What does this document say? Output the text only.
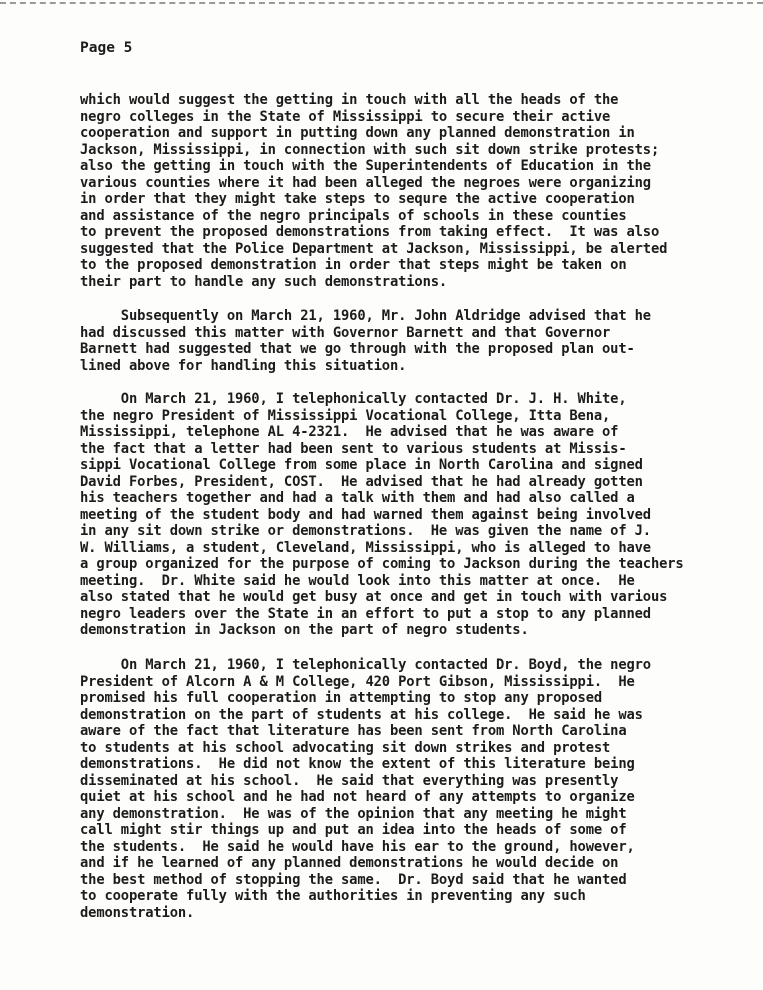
Page 5
which would suggest the getting in touch with all the heads of the
negro colleges in the State of Mississippi to secure their active
cooperation and support in putting down any planned demonstration in
Jackson, Mississippi, in connection with such sit down strike protests;
also the getting in touch with the Superintendents of Education in the
various counties where it had been alleged the negroes were organizing
in order that they might take steps to sequre the active cooperation
and assistance of the negro principals of schools in these counties
to prevent the proposed demonstrations from taking effect.  It was also
suggested that the Police Department at Jackson, Mississippi, be alerted
to the proposed demonstration in order that steps might be taken on
their part to handle any such demonstrations.
Subsequently on March 21, 1960, Mr. John Aldridge advised that he
had discussed this matter with Governor Barnett and that Governor
Barnett had suggested that we go through with the proposed plan out-
lined above for handling this situation.
On March 21, 1960, I telephonically contacted Dr. J. H. White,
the negro President of Mississippi Vocational College, Itta Bena,
Mississippi, telephone AL 4-2321.  He advised that he was aware of
the fact that a letter had been sent to various students at Missis-
sippi Vocational College from some place in North Carolina and signed
David Forbes, President, COST.  He advised that he had already gotten
his teachers together and had a talk with them and had also called a
meeting of the student body and had warned them against being involved
in any sit down strike or demonstrations.  He was given the name of J.
W. Williams, a student, Cleveland, Mississippi, who is alleged to have
a group organized for the purpose of coming to Jackson during the teachers
meeting.  Dr. White said he would look into this matter at once.  He
also stated that he would get busy at once and get in touch with various
negro leaders over the State in an effort to put a stop to any planned
demonstration in Jackson on the part of negro students.
On March 21, 1960, I telephonically contacted Dr. Boyd, the negro
President of Alcorn A & M College, 420 Port Gibson, Mississippi.  He
promised his full cooperation in attempting to stop any proposed
demonstration on the part of students at his college.  He said he was
aware of the fact that literature has been sent from North Carolina
to students at his school advocating sit down strikes and protest
demonstrations.  He did not know the extent of this literature being
disseminated at his school.  He said that everything was presently
quiet at his school and he had not heard of any attempts to organize
any demonstration.  He was of the opinion that any meeting he might
call might stir things up and put an idea into the heads of some of
the students.  He said he would have his ear to the ground, however,
and if he learned of any planned demonstrations he would decide on
the best method of stopping the same.  Dr. Boyd said that he wanted
to cooperate fully with the authorities in preventing any such
demonstration.
